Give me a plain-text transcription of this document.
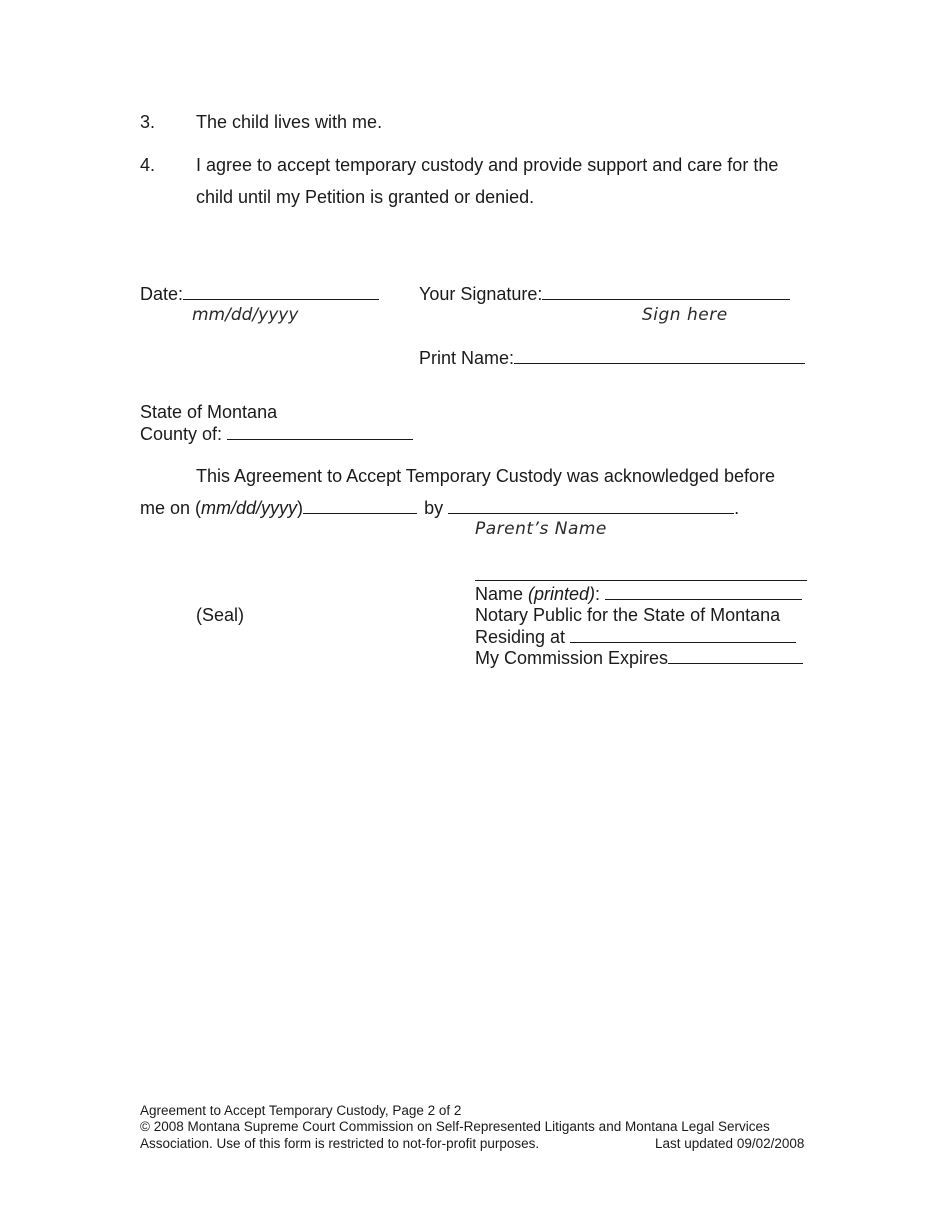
3. The child lives with me.
4. I agree to accept temporary custody and provide support and care for the
child until my Petition is granted or denied.
Date:
mm/dd/yyyy
Your Signature:
Sign here
Print Name:
State of Montana
County of:
This Agreement to Accept Temporary Custody was acknowledged before
me on (mm/dd/yyyy)	by	.
Parent’s Name
Name (printed):
(Seal)	Notary Public for the State of Montana
Residing at
My Commission Expires
Agreement to Accept Temporary Custody, Page 2 of 2
© 2008 Montana Supreme Court Commission on Self-Represented Litigants and Montana Legal Services
Association. Use of this form is restricted to not-for-profit purposes.	Last updated 09/02/2008
